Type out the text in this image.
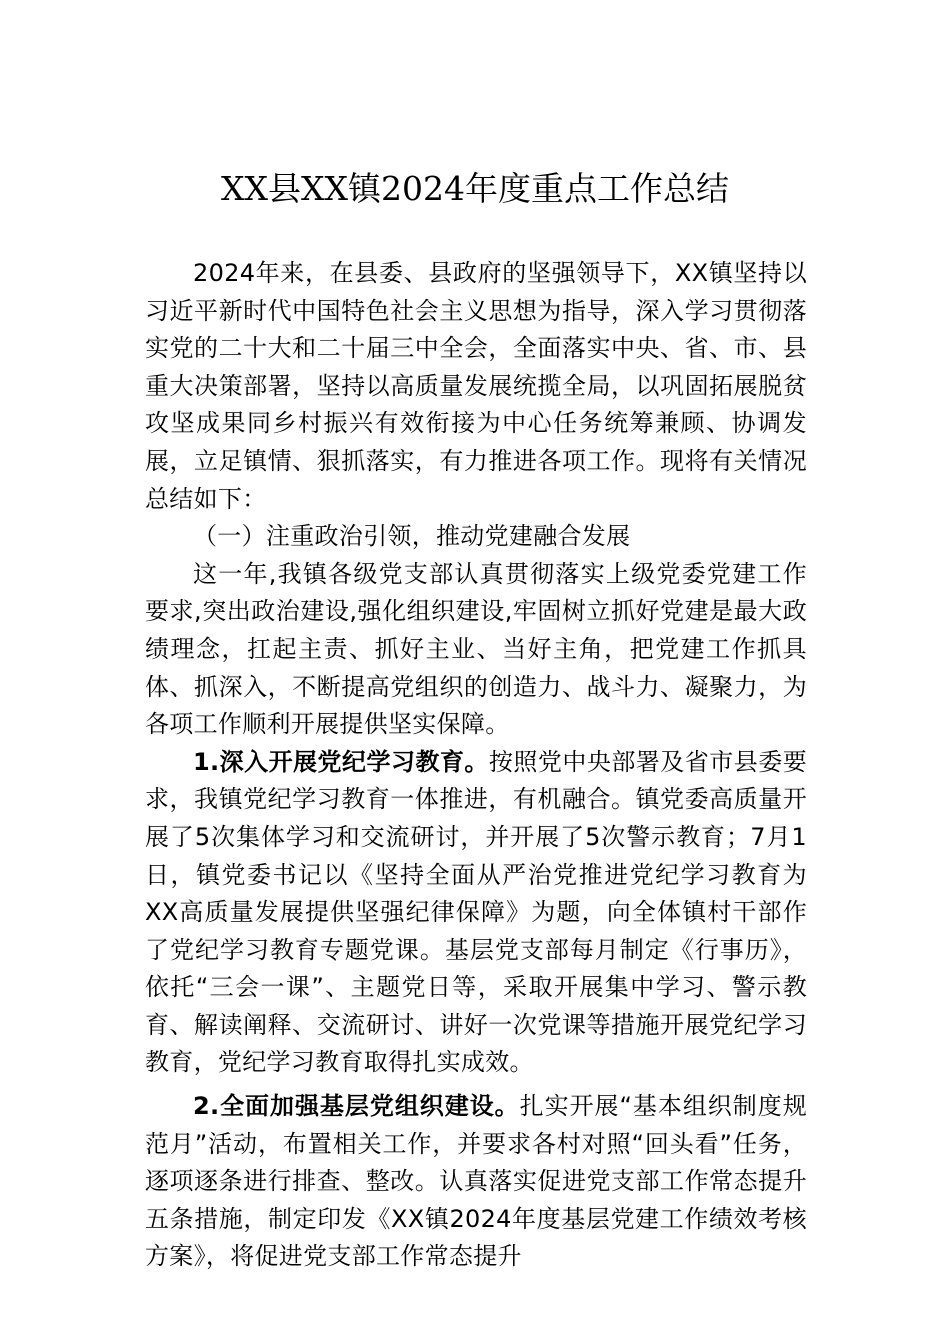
XX县XX镇2024年度重点工作总结

2024年来，在县委、县政府的坚强领导下，XX镇坚持以习近平新时代中国特色社会主义思想为指导，深入学习贯彻落实党的二十大和二十届三中全会，全面落实中央、省、市、县重大决策部署，坚持以高质量发展统揽全局，以巩固拓展脱贫攻坚成果同乡村振兴有效衔接为中心任务统筹兼顾、协调发展，立足镇情、狠抓落实，有力推进各项工作。现将有关情况总结如下：

（一）注重政治引领，推动党建融合发展

这一年,我镇各级党支部认真贯彻落实上级党委党建工作要求,突出政治建设,强化组织建设,牢固树立抓好党建是最大政绩理念，扛起主责、抓好主业、当好主角，把党建工作抓具体、抓深入，不断提高党组织的创造力、战斗力、凝聚力，为各项工作顺利开展提供坚实保障。

1.深入开展党纪学习教育。按照党中央部署及省市县委要求，我镇党纪学习教育一体推进，有机融合。镇党委高质量开展了5次集体学习和交流研讨，并开展了5次警示教育；7月1日，镇党委书记以《坚持全面从严治党推进党纪学习教育为XX高质量发展提供坚强纪律保障》为题，向全体镇村干部作了党纪学习教育专题党课。基层党支部每月制定《行事历》，依托“三会一课”、主题党日等，采取开展集中学习、警示教育、解读阐释、交流研讨、讲好一次党课等措施开展党纪学习教育，党纪学习教育取得扎实成效。

2.全面加强基层党组织建设。扎实开展“基本组织制度规范月”活动，布置相关工作，并要求各村对照“回头看”任务，逐项逐条进行排查、整改。认真落实促进党支部工作常态提升五条措施，制定印发《XX镇2024年度基层党建工作绩效考核方案》，将促进党支部工作常态提升
